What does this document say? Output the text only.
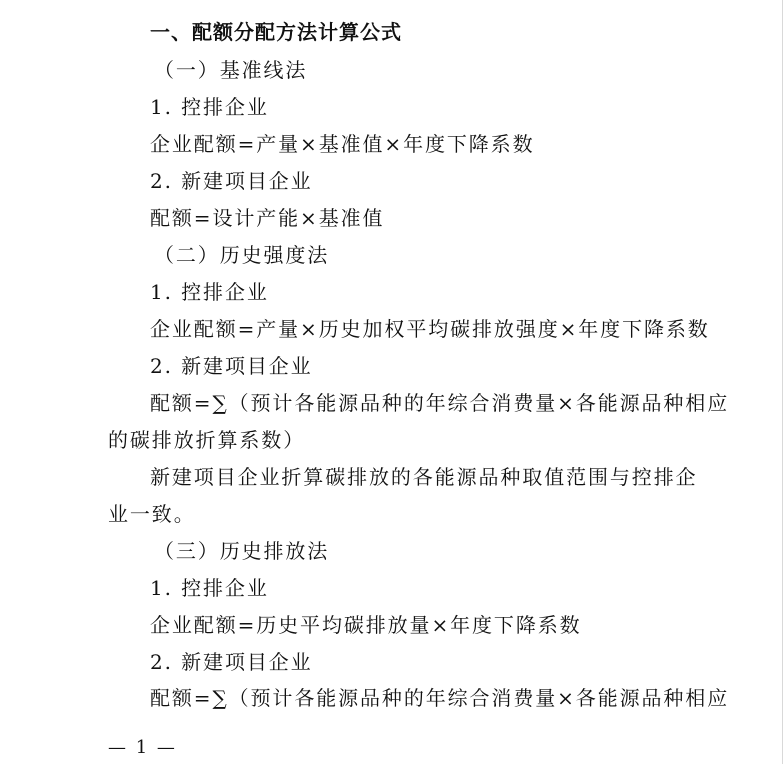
一、配额分配方法计算公式
（一）基准线法
1. 控排企业
企业配额=产量×基准值×年度下降系数
2. 新建项目企业
配额=设计产能×基准值
（二）历史强度法
1. 控排企业
企业配额=产量×历史加权平均碳排放强度×年度下降系数
2. 新建项目企业
配额=∑（预计各能源品种的年综合消费量×各能源品种相应
的碳排放折算系数）
新建项目企业折算碳排放的各能源品种取值范围与控排企
业一致。
（三）历史排放法
1. 控排企业
企业配额=历史平均碳排放量×年度下降系数
2. 新建项目企业
配额=∑（预计各能源品种的年综合消费量×各能源品种相应
— 1 —
